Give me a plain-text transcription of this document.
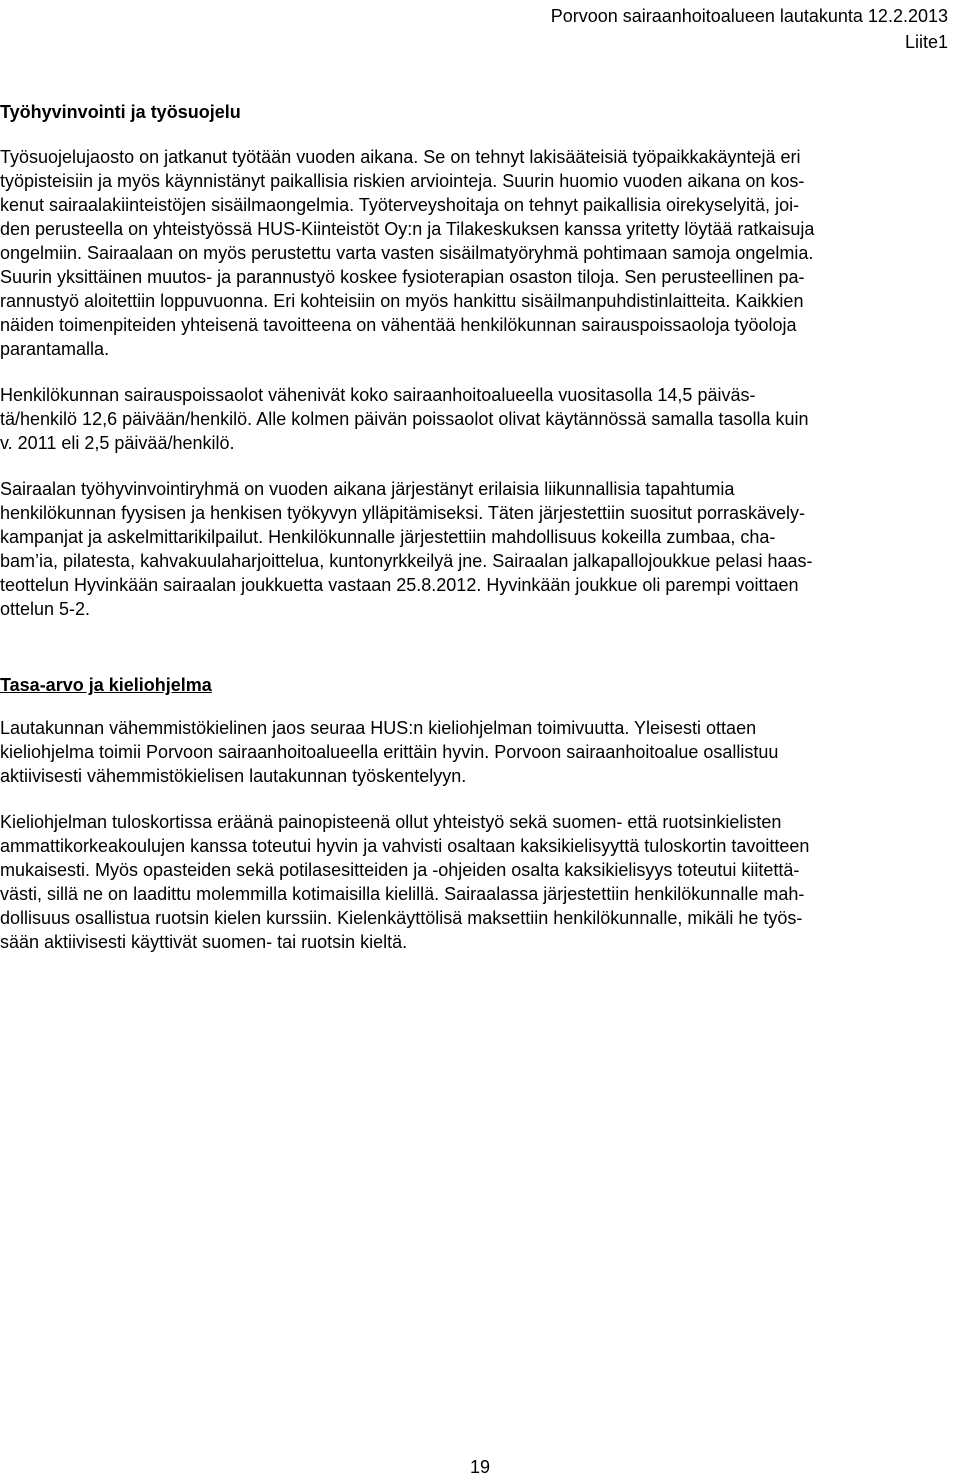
Porvoon sairaanhoitoalueen lautakunta 12.2.2013
Liite1
Työhyvinvointi ja työsuojelu

Työsuojelujaosto on jatkanut työtään vuoden aikana. Se on tehnyt lakisääteisiä työpaikkakäyntejä eri
työpisteisiin ja myös käynnistänyt paikallisia riskien arviointeja. Suurin huomio vuoden aikana on kos-
kenut sairaalakiinteistöjen sisäilmaongelmia. Työterveyshoitaja on tehnyt paikallisia oirekyselyitä, joi-
den perusteella on yhteistyössä HUS-Kiinteistöt Oy:n ja Tilakeskuksen kanssa yritetty löytää ratkaisuja
ongelmiin. Sairaalaan on myös perustettu varta vasten sisäilmatyöryhmä pohtimaan samoja ongelmia.
Suurin yksittäinen muutos- ja parannustyö koskee fysioterapian osaston tiloja. Sen perusteellinen pa-
rannustyö aloitettiin loppuvuonna. Eri kohteisiin on myös hankittu sisäilmanpuhdistinlaitteita. Kaikkien
näiden toimenpiteiden yhteisenä tavoitteena on vähentää henkilökunnan sairauspoissaoloja työoloja
parantamalla.

Henkilökunnan sairauspoissaolot vähenivät koko sairaanhoitoalueella vuositasolla 14,5 päiväs-
tä/henkilö 12,6 päivään/henkilö. Alle kolmen päivän poissaolot olivat käytännössä samalla tasolla kuin
v. 2011 eli 2,5 päivää/henkilö.

Sairaalan työhyvinvointiryhmä on vuoden aikana järjestänyt erilaisia liikunnallisia tapahtumia
henkilökunnan fyysisen ja henkisen työkyvyn ylläpitämiseksi. Täten järjestettiin suositut porraskävely-
kampanjat ja askelmittarikilpailut. Henkilökunnalle järjestettiin mahdollisuus kokeilla zumbaa, cha-
bam’ia, pilatesta, kahvakuulaharjoittelua, kuntonyrkkeilyä jne. Sairaalan jalkapallojoukkue pelasi haas-
teottelun Hyvinkään sairaalan joukkuetta vastaan 25.8.2012. Hyvinkään joukkue oli parempi voittaen
ottelun 5-2.

Tasa-arvo ja kieliohjelma

Lautakunnan vähemmistökielinen jaos seuraa HUS:n kieliohjelman toimivuutta. Yleisesti ottaen
kieliohjelma toimii Porvoon sairaanhoitoalueella erittäin hyvin. Porvoon sairaanhoitoalue osallistuu
aktiivisesti vähemmistökielisen lautakunnan työskentelyyn.

Kieliohjelman tuloskortissa eräänä painopisteenä ollut yhteistyö sekä suomen- että ruotsinkielisten
ammattikorkeakoulujen kanssa toteutui hyvin ja vahvisti osaltaan kaksikielisyyttä tuloskortin tavoitteen
mukaisesti. Myös opasteiden sekä potilasesitteiden ja -ohjeiden osalta kaksikielisyys toteutui kiitettä-
västi, sillä ne on laadittu molemmilla kotimaisilla kielillä. Sairaalassa järjestettiin henkilökunnalle mah-
dollisuus osallistua ruotsin kielen kurssiin. Kielenkäyttölisä maksettiin henkilökunnalle, mikäli he työs-
sään aktiivisesti käyttivät suomen- tai ruotsin kieltä.

19
